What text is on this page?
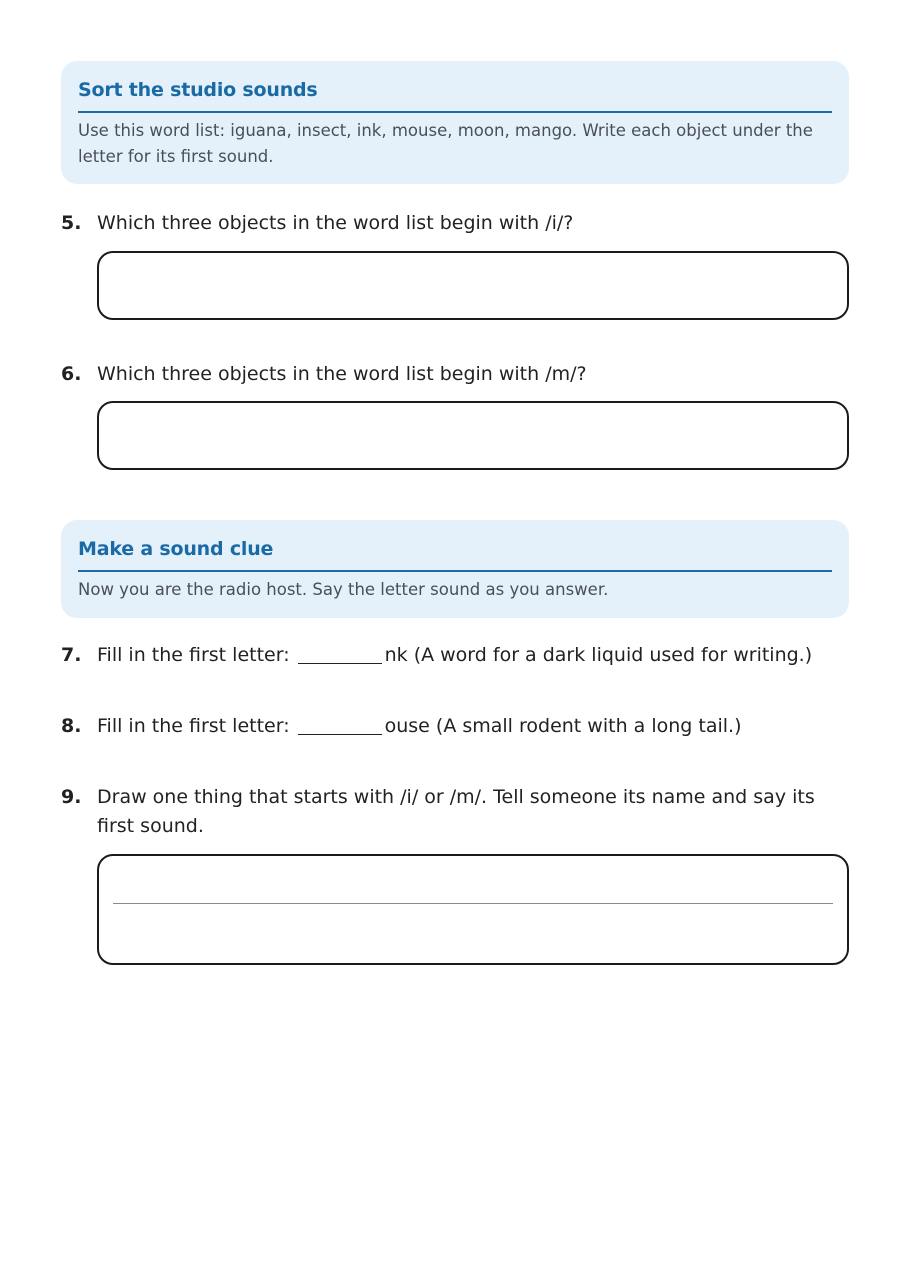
Sort the studio sounds
Use this word list: iguana, insect, ink, mouse, moon, mango. Write each object under the letter for its first sound.
5. Which three objects in the word list begin with /i/?
6. Which three objects in the word list begin with /m/?
Make a sound clue
Now you are the radio host. Say the letter sound as you answer.
7. Fill in the first letter:	nk (A word for a dark liquid used for writing.)
8. Fill in the first letter:	ouse (A small rodent with a long tail.)
9. Draw one thing that starts with /i/ or /m/. Tell someone its name and say its first sound.
